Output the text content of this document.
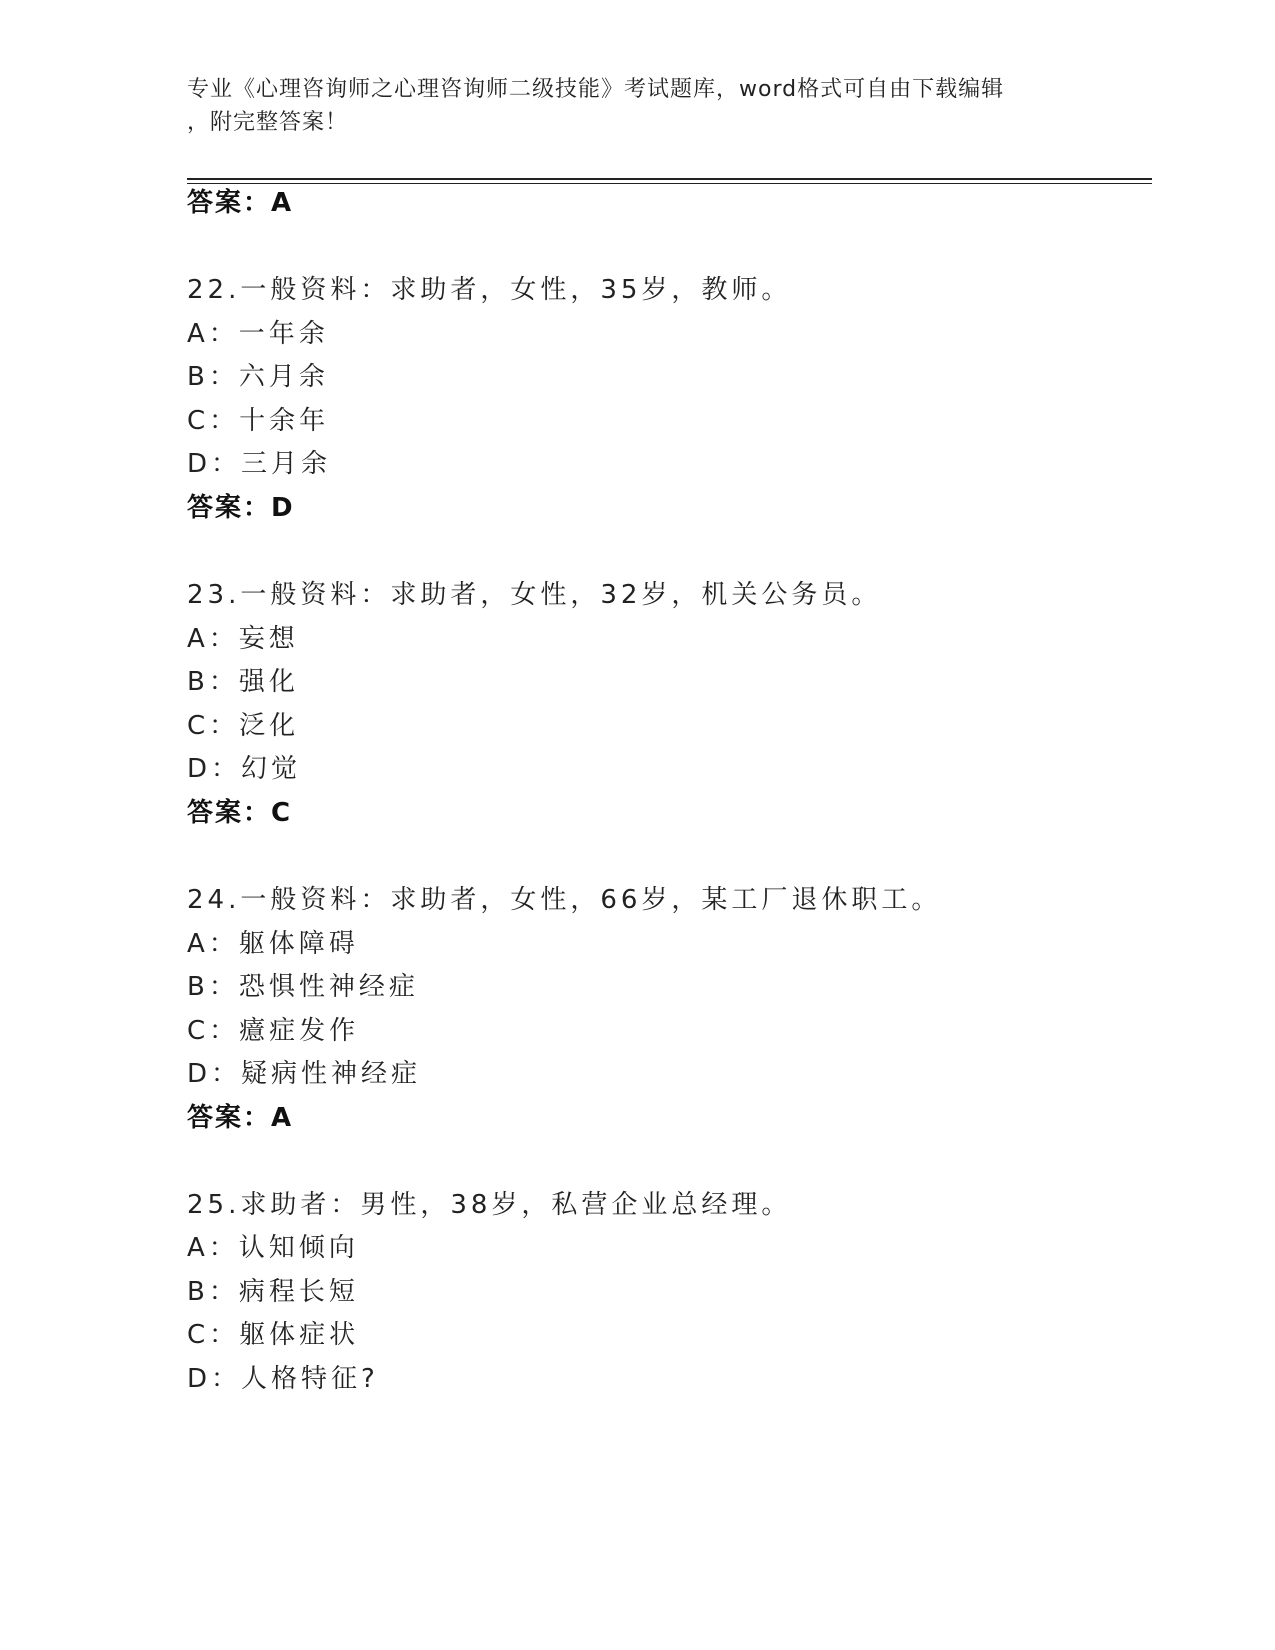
专业《心理咨询师之心理咨询师二级技能》考试题库，word格式可自由下载编辑
，附完整答案！
答案：A
22.一般资料：求助者，女性，35岁，教师。
A：一年余
B：六月余
C：十余年
D：三月余
答案：D
23.一般资料：求助者，女性，32岁，机关公务员。
A：妄想
B：强化
C：泛化
D：幻觉
答案：C
24.一般资料：求助者，女性，66岁，某工厂退休职工。
A：躯体障碍
B：恐惧性神经症
C：癔症发作
D：疑病性神经症
答案：A
25.求助者：男性，38岁，私营企业总经理。
A：认知倾向
B：病程长短
C：躯体症状
D：人格特征?
